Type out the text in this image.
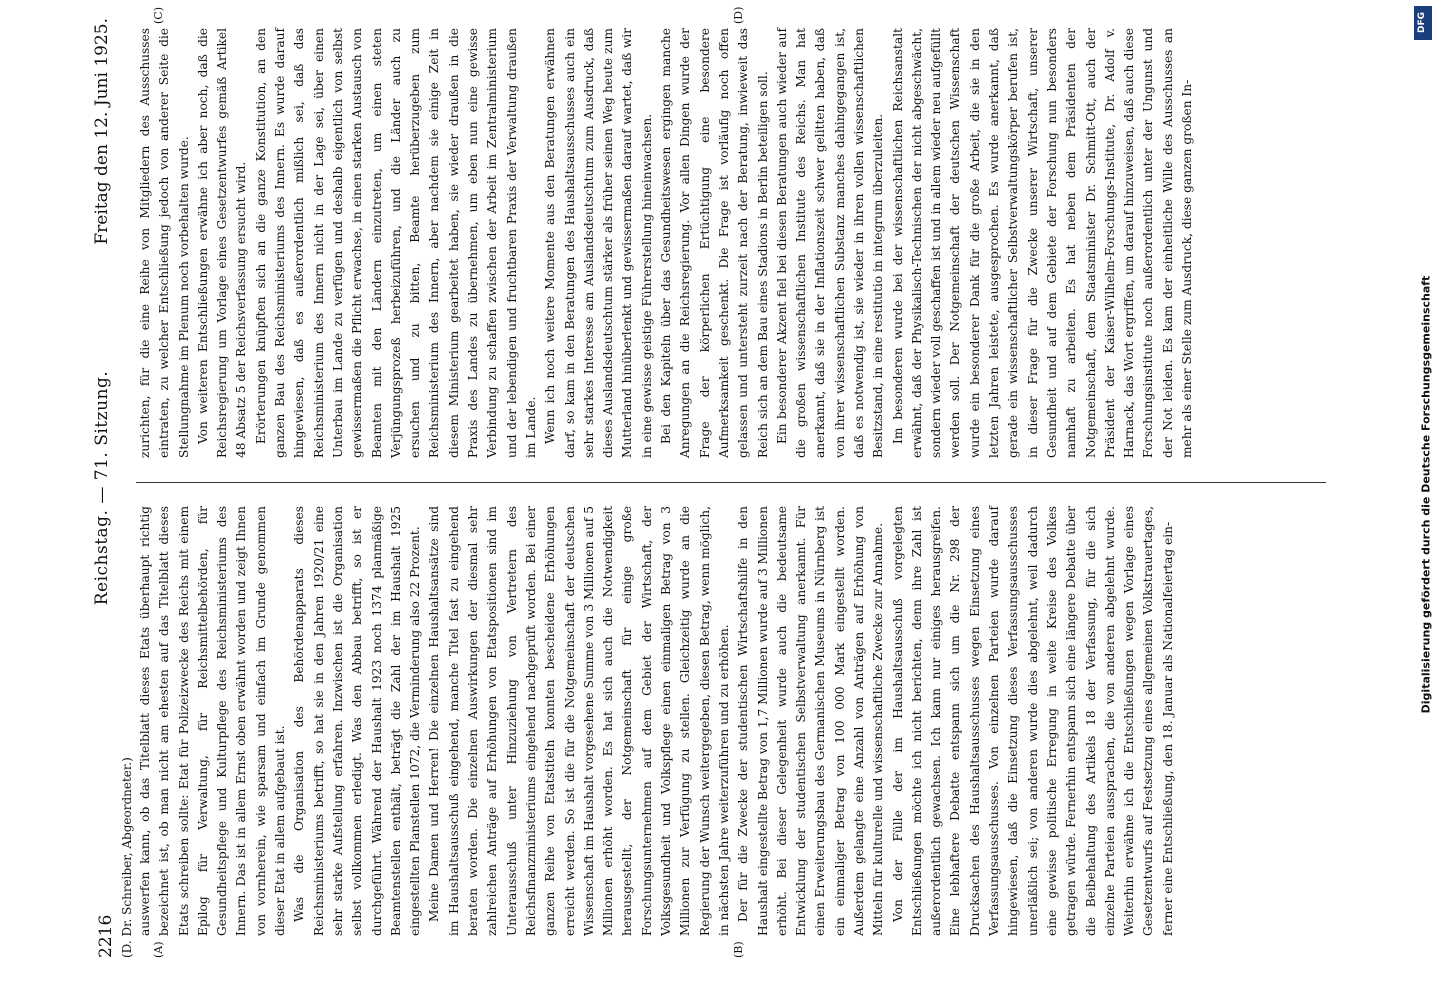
2216
Reichstag. — 71. Sitzung.
Freitag den 12. Juni 1925.
(D. Dr. Schreiber, Abgeordneter.) (A)	(B)
(C)	(D)

auswerfen kann, ob das Titelblatt dieses Etats überhaupt richtig bezeichnet ist, ob man nicht am ehesten auf das Titelblatt dieses Etats schreiben sollte: Etat für Polizeizwecke des Reichs mit einem Epilog für Verwaltung, für Reichsmittelbehörden, für Gesundheitspflege und Kulturpflege des Reichsministeriums des Innern. Das ist in allem Ernst oben erwähnt worden und zeigt Ihnen von vornherein, wie sparsam und einfach im Grunde genommen dieser Etat in allem aufgebaut ist. Was die Organisation des Behördenapparats dieses Reichsministeriums betrifft, so hat sie in den Jahren 1920/21 eine sehr starke Aufstellung erfahren. Inzwischen ist die Organisation selbst vollkommen erledigt. Was den Abbau betrifft, so ist er durchgeführt. Während der Haushalt 1923 noch 1374 planmäßige Beamtenstellen enthält, beträgt die Zahl der im Haushalt 1925 eingestellten Planstellen 1072, die Verminderung also 22 Prozent. Meine Damen und Herren! Die einzelnen Haushaltsansätze sind im Haushaltsausschuß eingehend, manche Titel fast zu eingehend beraten worden. Die einzelnen Auswirkungen der diesmal sehr zahlreichen Anträge auf Erhöhungen von Etatspositionen sind im Unterausschuß unter Hinzuziehung von Vertretern des Reichsfinanzministeriums eingehend nachgeprüft worden. Bei einer ganzen Reihe von Etatstiteln konnten bescheidene Erhöhungen erreicht werden. So ist die für die Notgemeinschaft der deutschen Wissenschaft im Haushalt vorgesehene Summe von 3 Millionen auf 5 Millionen erhöht worden. Es hat sich auch die Notwendigkeit herausgestellt, der Notgemeinschaft für einige große Forschungsunternehmen auf dem Gebiet der Wirtschaft, der Volksgesundheit und Volkspflege einen einmaligen Betrag von 3 Millionen zur Verfügung zu stellen. Gleichzeitig wurde an die Regierung der Wunsch weitergegeben, diesen Betrag, wenn möglich, in nächsten Jahre weiterzuführen und zu erhöhen. Der für die Zwecke der studentischen Wirtschaftshilfe in den Haushalt eingestellte Betrag von 1,7 Millionen wurde auf 3 Millionen erhöht. Bei dieser Gelegenheit wurde auch die bedeutsame Entwicklung der studentischen Selbstverwaltung anerkannt. Für einen Erweiterungsbau des Germanischen Museums in Nürnberg ist ein einmaliger Betrag von 100 000 Mark eingestellt worden. Außerdem gelangte eine Anzahl von Anträgen auf Erhöhung von Mitteln für kulturelle und wissenschaftliche Zwecke zur Annahme. Von der Fülle der im Haushaltsausschuß vorgelegten Entschließungen möchte ich nicht berichten, denn ihre Zahl ist außerordentlich gewachsen. Ich kann nur einiges herausgreifen. Eine lebhaftere Debatte entspann sich um die Nr. 298 der Drucksachen des Haushaltsausschusses wegen Einsetzung eines Verfassungsausschusses. Von einzelnen Parteien wurde darauf hingewiesen, daß die Einsetzung dieses Verfassungsausschusses unerläßlich sei; von anderen wurde dies abgelehnt, weil dadurch eine gewisse politische Erregung in weite Kreise des Volkes getragen würde. Fernerhin entspann sich eine längere Debatte über die Beibehaltung des Artikels 18 der Verfassung, für die sich einzelne Parteien aussprachen, die von anderen abgelehnt wurde. Weiterhin erwähne ich die Entschließungen wegen Vorlage eines Gesetzentwurfs auf Festsetzung eines allgemeinen Volkstrauertages, ferner eine Entschließung, den 18. Januar als Nationalfeiertag ein-

zurichten, für die eine Reihe von Mitgliedern des Ausschusses eintraten, zu welcher Entschließung jedoch von anderer Seite die Stellungnahme im Plenum noch vorbehalten wurde. Von weiteren Entschließungen erwähne ich aber noch, daß die Reichsregierung um Vorlage eines Gesetzentwurfes gemäß Artikel 48 Absatz 5 der Reichsverfassung ersucht wird. Erörterungen knüpften sich an die ganze Konstitution, an den ganzen Bau des Reichsministeriums des Innern. Es wurde darauf hingewiesen, daß es außerordentlich mißlich sei, daß das Reichsministerium des Innern nicht in der Lage sei, über einen Unterbau im Lande zu verfügen und deshalb eigentlich von selbst gewissermaßen die Pflicht erwachse, in einen starken Austausch von Beamten mit den Ländern einzutreten, um einen steten Verjüngungsprozeß herbeizuführen, und die Länder auch zu ersuchen und zu bitten, Beamte herüberzugeben zum Reichsministerium des Innern, aber nachdem sie einige Zeit in diesem Ministerium gearbeitet haben, sie wieder draußen in die Praxis des Landes zu übernehmen, um eben nun eine gewisse Verbindung zu schaffen zwischen der Arbeit im Zentralministerium und der lebendigen und fruchtbaren Praxis der Verwaltung draußen im Lande. Wenn ich noch weitere Momente aus den Beratungen erwähnen darf, so kam in den Beratungen des Haushaltsausschusses auch ein sehr starkes Interesse am Auslandsdeutschtum zum Ausdruck, daß dieses Auslandsdeutschtum stärker als früher seinen Weg heute zum Mutterland hinüberlenkt und gewissermaßen darauf wartet, daß wir in eine gewisse geistige Führerstellung hineinwachsen. Bei den Kapiteln über das Gesundheitswesen ergingen manche Anregungen an die Reichsregierung. Vor allen Dingen wurde der Frage der körperlichen Ertüchtigung eine besondere Aufmerksamkeit geschenkt. Die Frage ist vorläufig noch offen gelassen und untersteht zurzeit nach der Beratung, inwieweit das Reich sich an dem Bau eines Stadions in Berlin beteiligen soll. Ein besonderer Akzent fiel bei diesen Beratungen auch wieder auf die großen wissenschaftlichen Institute des Reichs. Man hat anerkannt, daß sie in der Inflationszeit schwer gelitten haben, daß von ihrer wissenschaftlichen Substanz manches dahingegangen ist, daß es notwendig ist, sie wieder in ihren vollen wissenschaftlichen Besitzstand, in eine restitutio in integrum überzuleiten. Im besonderen wurde bei der wissenschaftlichen Reichsanstalt erwähnt, daß der Physikalisch-Technischen der nicht abgeschwächt, sondern wieder voll geschaffen ist und in allem wieder neu aufgefüllt werden soll. Der Notgemeinschaft der deutschen Wissenschaft wurde ein besonderer Dank für die große Arbeit, die sie in den letzten Jahren leistete, ausgesprochen. Es wurde anerkannt, daß gerade ein wissenschaftlicher Selbstverwaltungskörper berufen ist, in dieser Frage für die Zwecke unserer Wirtschaft, unserer Gesundheit und auf dem Gebiete der Forschung nun besonders namhaft zu arbeiten. Es hat neben dem Präsidenten der Notgemeinschaft, dem Staatsminister Dr. Schmitt-Ott, auch der Präsident der Kaiser-Wilhelm-Forschungs-Institute, Dr. Adolf v. Harnack, das Wort ergriffen, um darauf hinzuweisen, daß auch diese Forschungsinstitute noch außerordentlich unter der Ungunst und der Not leiden. Es kam der einheitliche Wille des Ausschusses an mehr als einer Stelle zum Ausdruck, diese ganzen großen In-

Digitalisierung gefördert durch die Deutsche Forschungsgemeinschaft
DFG
